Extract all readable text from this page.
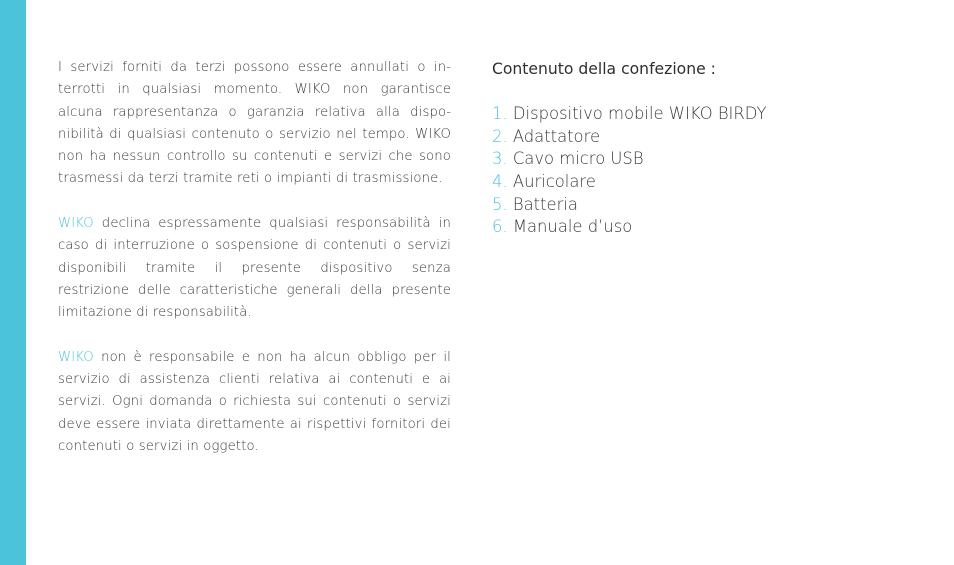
I servizi forniti da terzi possono essere annullati o interrotti in qualsiasi momento. WIKO non garantisce alcuna rappresentanza o garanzia relativa alla disponibilità di qualsiasi contenuto o servizio nel tempo. WIKO non ha nessun controllo su contenuti e servizi che sono trasmessi da terzi tramite reti o impianti di trasmissione.

WIKO declina espressamente qualsiasi responsabilità in caso di interruzione o sospensione di contenuti o servizi disponibili tramite il presente dispositivo senza restrizione delle caratteristiche generali della presente limitazione di responsabilità.

WIKO non è responsabile e non ha alcun obbligo per il servizio di assistenza clienti relativa ai contenuti e ai servizi. Ogni domanda o richiesta sui contenuti o servizi deve essere inviata direttamente ai rispettivi fornitori dei contenuti o servizi in oggetto.

Contenuto della confezione :
1. Dispositivo mobile WIKO BIRDY
2. Adattatore
3. Cavo micro USB
4. Auricolare
5. Batteria
6. Manuale d’uso
